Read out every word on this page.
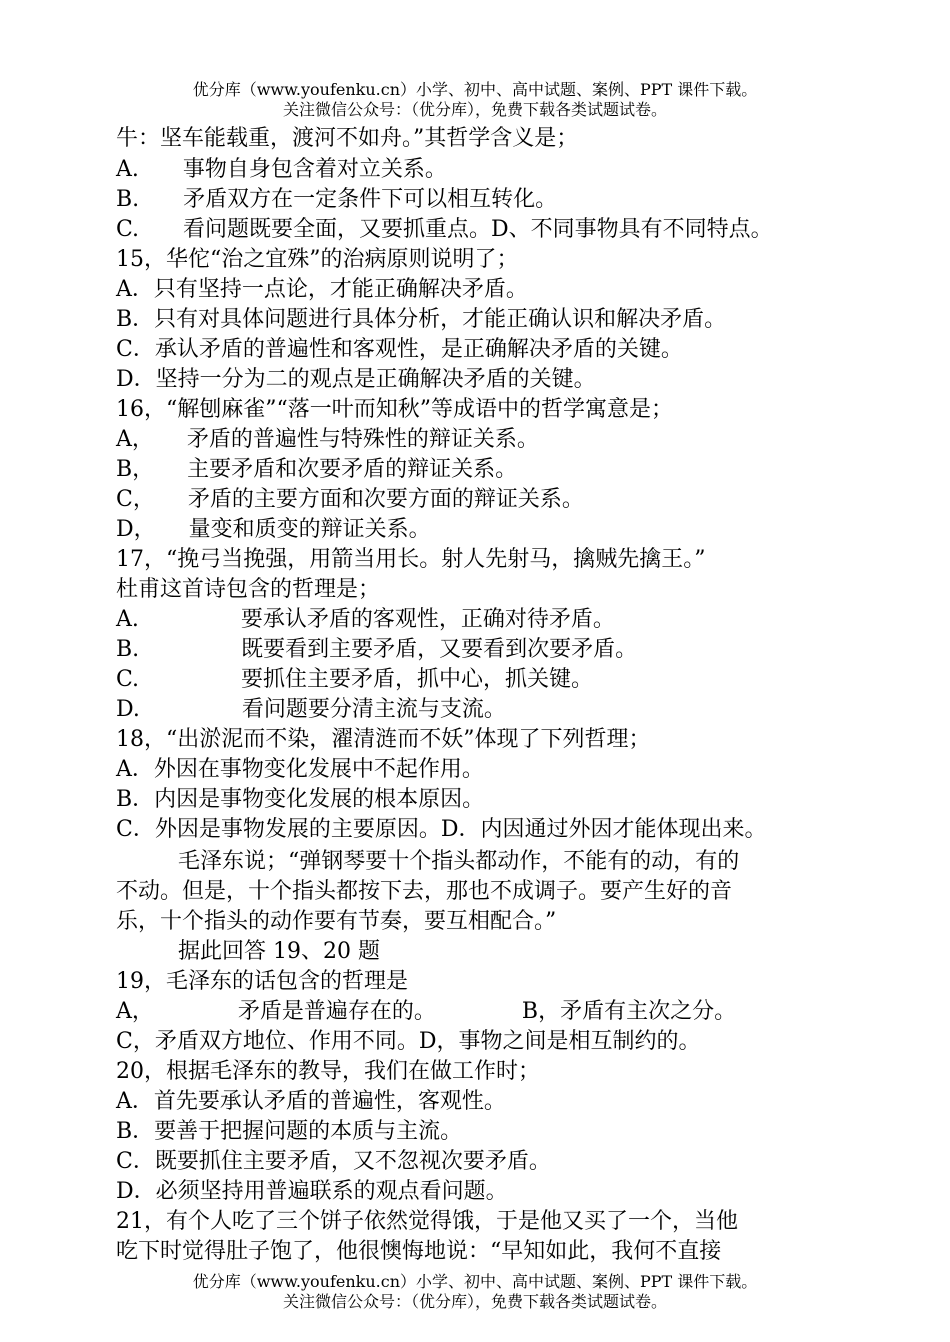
优分库（www.youfenku.cn）小学、初中、高中试题、案例、PPT 课件下载。
关注微信公众号：（优分库），免费下载各类试题试卷。
牛：坚车能载重，渡河不如舟。”其哲学含义是；
A.　　事物自身包含着对立关系。
B.　　矛盾双方在一定条件下可以相互转化。
C.　　看问题既要全面，又要抓重点。D、不同事物具有不同特点。
15，华佗“治之宜殊”的治病原则说明了；
A．只有坚持一点论，才能正确解决矛盾。
B．只有对具体问题进行具体分析，才能正确认识和解决矛盾。
C．承认矛盾的普遍性和客观性，是正确解决矛盾的关键。
D．坚持一分为二的观点是正确解决矛盾的关键。
16，“解刨麻雀”“落一叶而知秋”等成语中的哲学寓意是；
A，　　矛盾的普遍性与特殊性的辩证关系。
B，　　主要矛盾和次要矛盾的辩证关系。
C，　　矛盾的主要方面和次要方面的辩证关系。
D，　　量变和质变的辩证关系。
17，“挽弓当挽强，用箭当用长。射人先射马，擒贼先擒王。”
杜甫这首诗包含的哲理是；
A.	要承认矛盾的客观性，正确对待矛盾。
B.	既要看到主要矛盾，又要看到次要矛盾。
C.	要抓住主要矛盾，抓中心，抓关键。
D.	看问题要分清主流与支流。
18，“出淤泥而不染，濯清涟而不妖”体现了下列哲理；
A．外因在事物变化发展中不起作用。
B．内因是事物变化发展的根本原因。
C．外因是事物发展的主要原因。D．内因通过外因才能体现出来。
毛泽东说；“弹钢琴要十个指头都动作，不能有的动，有的
不动。但是，十个指头都按下去，那也不成调子。要产生好的音
乐，十个指头的动作要有节奏，要互相配合。”
据此回答 19、20 题
19，毛泽东的话包含的哲理是
A，	矛盾是普遍存在的。	B，矛盾有主次之分。
C，矛盾双方地位、作用不同。D，事物之间是相互制约的。
20，根据毛泽东的教导，我们在做工作时；
A．首先要承认矛盾的普遍性，客观性。
B．要善于把握问题的本质与主流。
C．既要抓住主要矛盾，又不忽视次要矛盾。
D．必须坚持用普遍联系的观点看问题。
21，有个人吃了三个饼子依然觉得饿，于是他又买了一个，当他
吃下时觉得肚子饱了，他很懊悔地说：“早知如此，我何不直接
优分库（www.youfenku.cn）小学、初中、高中试题、案例、PPT 课件下载。
关注微信公众号：（优分库），免费下载各类试题试卷。
